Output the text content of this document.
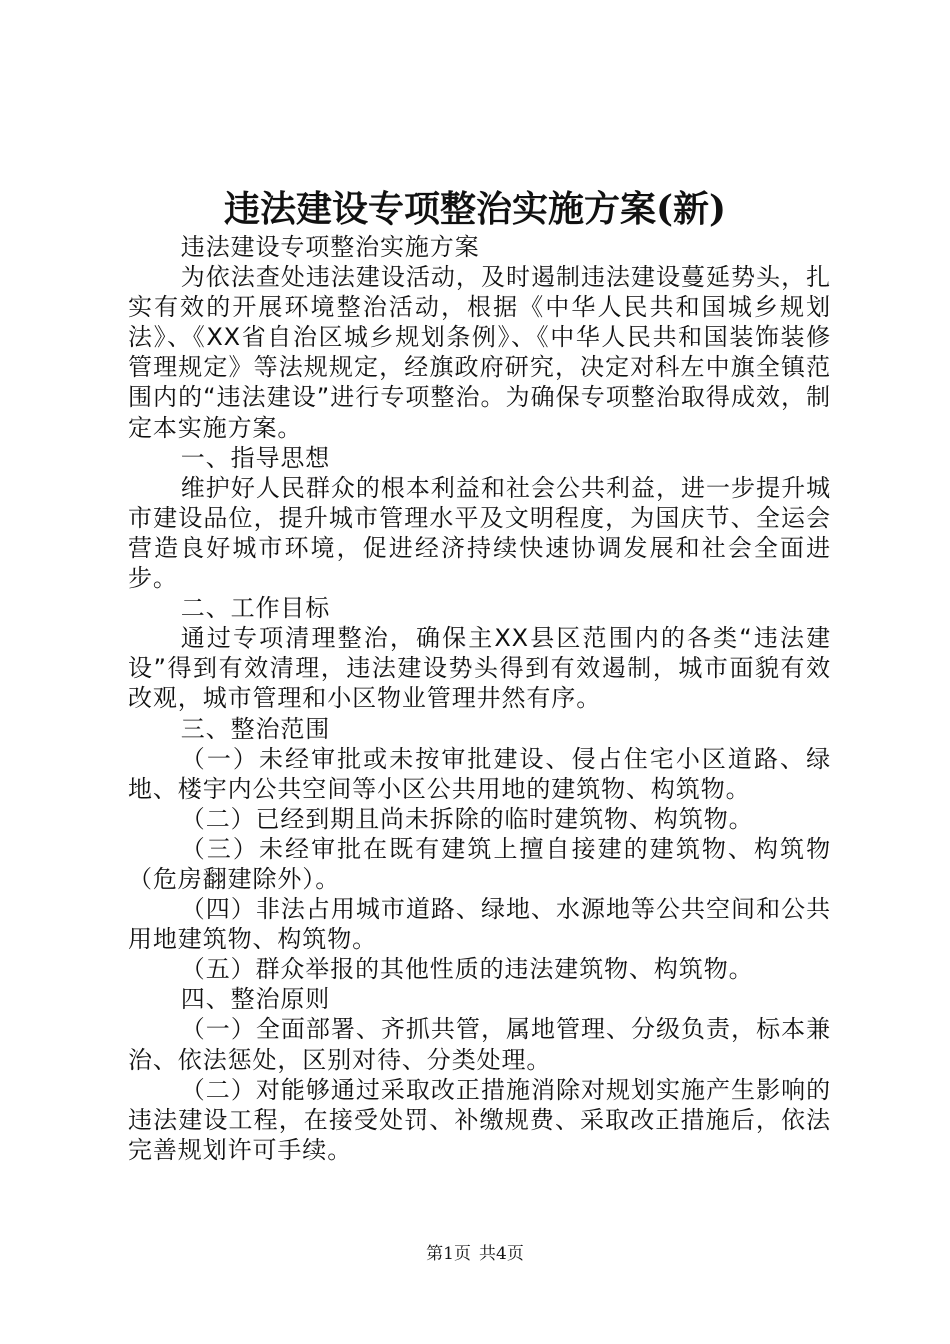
违法建设专项整治实施方案(新)

违法建设专项整治实施方案

为依法查处违法建设活动，及时遏制违法建设蔓延势头，扎实有效的开展环境整治活动，根据《中华人民共和国城乡规划法》、《XX省自治区城乡规划条例》、《中华人民共和国装饰装修管理规定》等法规规定，经旗政府研究，决定对科左中旗全镇范围内的“违法建设”进行专项整治。为确保专项整治取得成效，制定本实施方案。

一、指导思想

维护好人民群众的根本利益和社会公共利益，进一步提升城市建设品位，提升城市管理水平及文明程度，为国庆节、全运会营造良好城市环境，促进经济持续快速协调发展和社会全面进步。

二、工作目标

通过专项清理整治，确保主XX县区范围内的各类“违法建设”得到有效清理，违法建设势头得到有效遏制，城市面貌有效改观，城市管理和小区物业管理井然有序。

三、整治范围

（一）未经审批或未按审批建设、侵占住宅小区道路、绿地、楼宇内公共空间等小区公共用地的建筑物、构筑物。

（二）已经到期且尚未拆除的临时建筑物、构筑物。

（三）未经审批在既有建筑上擅自接建的建筑物、构筑物（危房翻建除外）。

（四）非法占用城市道路、绿地、水源地等公共空间和公共用地建筑物、构筑物。

（五）群众举报的其他性质的违法建筑物、构筑物。

四、整治原则

（一）全面部署、齐抓共管，属地管理、分级负责，标本兼治、依法惩处，区别对待、分类处理。

（二）对能够通过采取改正措施消除对规划实施产生影响的违法建设工程，在接受处罚、补缴规费、采取改正措施后，依法完善规划许可手续。

第1页 共4页
